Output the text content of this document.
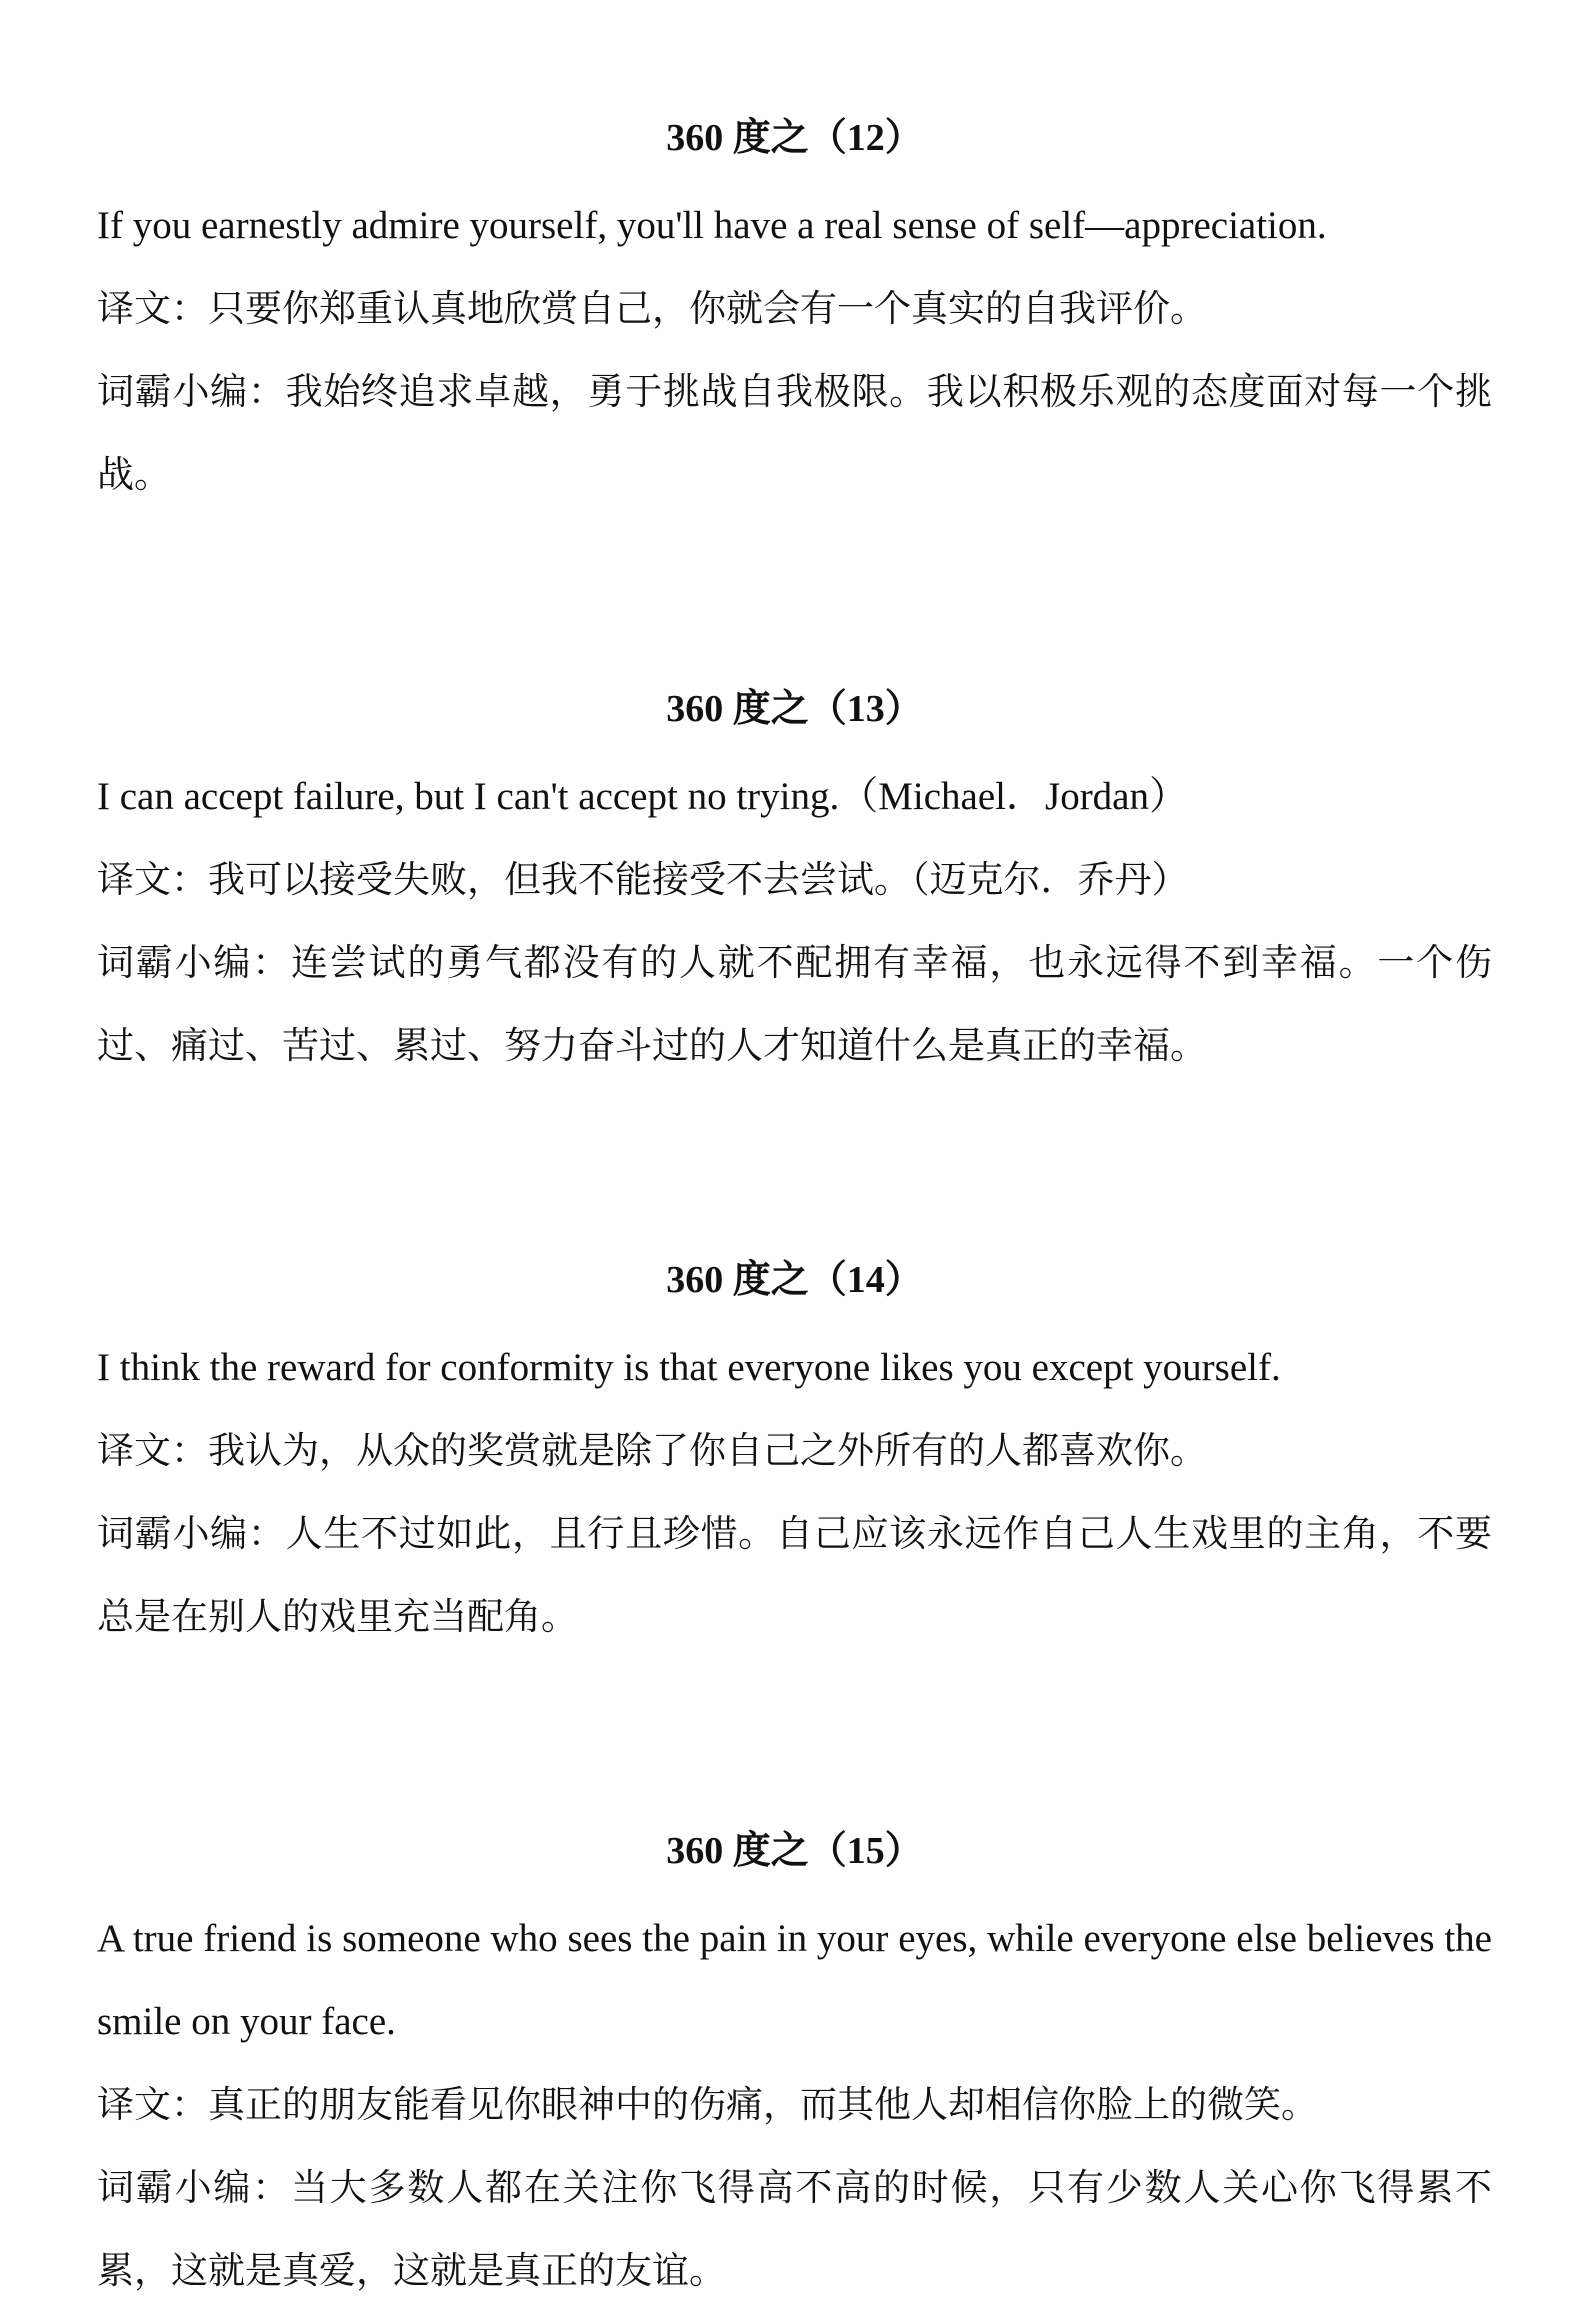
360 度之（12）
If you earnestly admire yourself, you'll have a real sense of self—appreciation.
译文：只要你郑重认真地欣赏自己，你就会有一个真实的自我评价。
词霸小编：我始终追求卓越，勇于挑战自我极限。我以积极乐观的态度面对每一个挑战。
360 度之（13）
I can accept failure, but I can't accept no trying.（Michael．Jordan）
译文：我可以接受失败，但我不能接受不去尝试。（迈克尔．乔丹）
词霸小编：连尝试的勇气都没有的人就不配拥有幸福，也永远得不到幸福。一个伤过、痛过、苦过、累过、努力奋斗过的人才知道什么是真正的幸福。
360 度之（14）
I think the reward for conformity is that everyone likes you except yourself.
译文：我认为，从众的奖赏就是除了你自己之外所有的人都喜欢你。
词霸小编：人生不过如此，且行且珍惜。自己应该永远作自己人生戏里的主角，不要总是在别人的戏里充当配角。
360 度之（15）
A true friend is someone who sees the pain in your eyes, while everyone else believes the smile on your face.
译文：真正的朋友能看见你眼神中的伤痛，而其他人却相信你脸上的微笑。
词霸小编：当大多数人都在关注你飞得高不高的时候，只有少数人关心你飞得累不累，这就是真爱，这就是真正的友谊。
